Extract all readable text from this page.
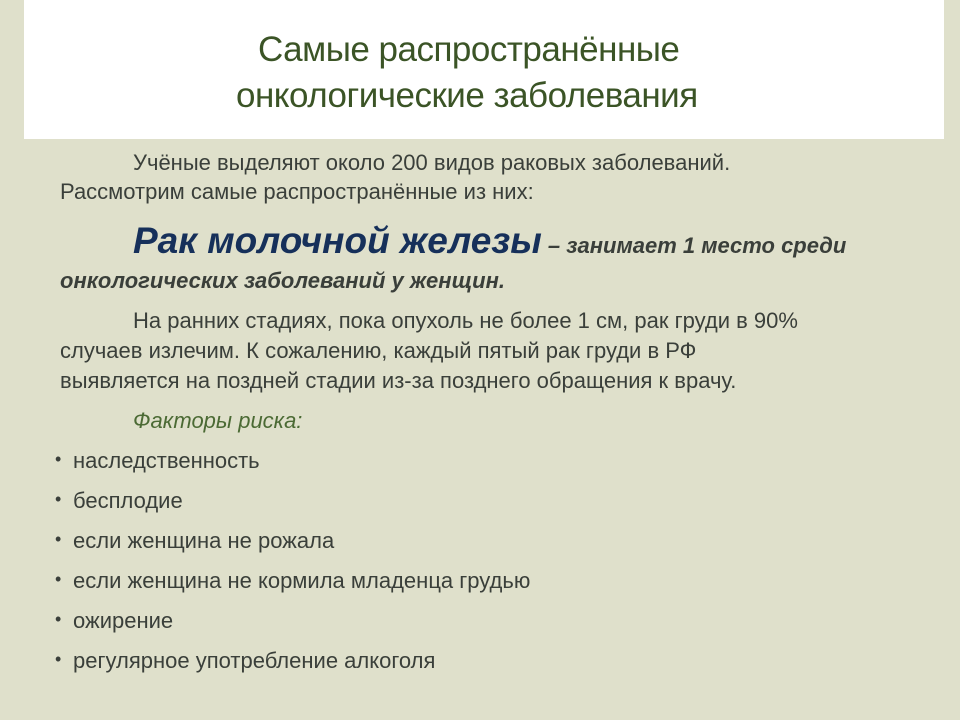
Самые распространённые
онкологические заболевания
Учёные выделяют около 200 видов раковых заболеваний.
Рассмотрим самые распространённые из них:
Рак молочной железы – занимает 1 место среди
онкологических заболеваний у женщин.
На ранних стадиях, пока опухоль не более 1 см, рак груди в 90%
случаев излечим. К сожалению, каждый пятый рак груди в РФ
выявляется на поздней стадии из-за позднего обращения к врачу.
Факторы риска:
• наследственность
• бесплодие
• если женщина не рожала
• если женщина не кормила младенца грудью
• ожирение
• регулярное употребление алкоголя
